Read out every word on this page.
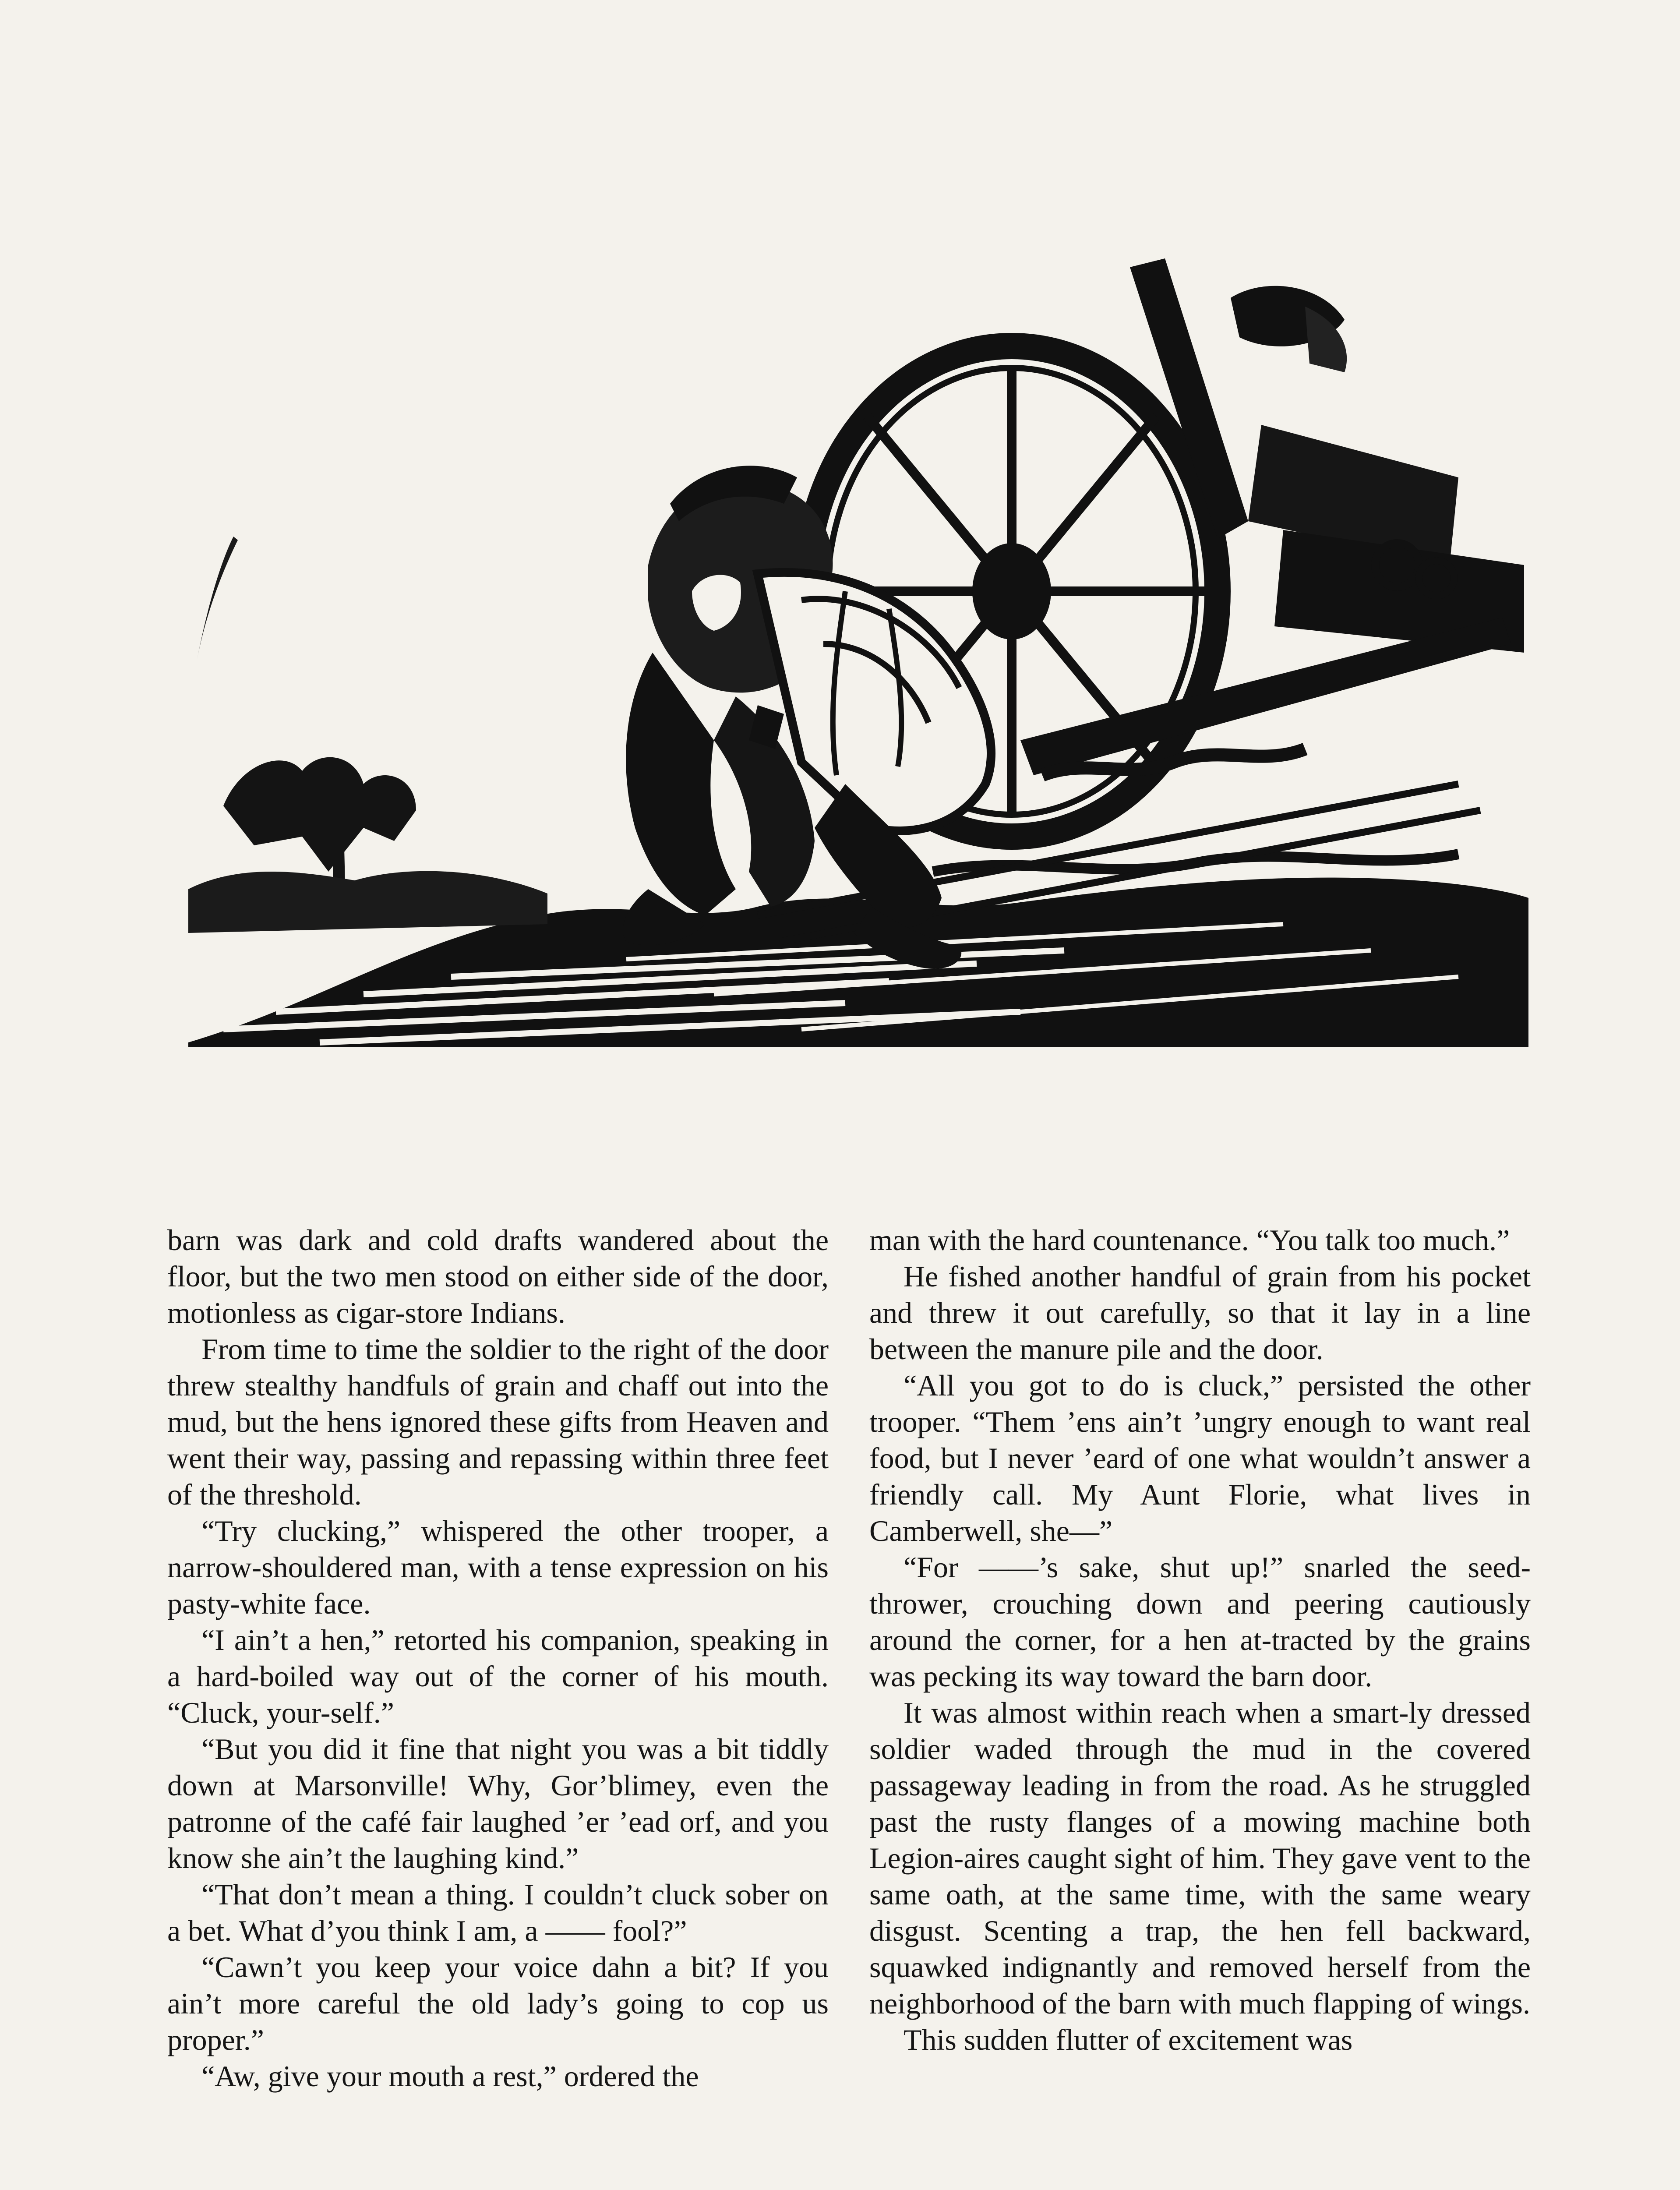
barn was dark and cold drafts wandered about the floor, but the two men stood on either side of the door, motionless as cigar-store Indians.

From time to time the soldier to the right of the door threw stealthy handfuls of grain and chaff out into the mud, but the hens ignored these gifts from Heaven and went their way, passing and repassing within three feet of the threshold.

“Try clucking,” whispered the other trooper, a narrow-shouldered man, with a tense expression on his pasty-white face.

“I ain’t a hen,” retorted his companion, speaking in a hard-boiled way out of the corner of his mouth. “Cluck, your-self.”

“But you did it fine that night you was a bit tiddly down at Marsonville! Why, Gor’blimey, even the patronne of the café fair laughed ’er ’ead orf, and you know she ain’t the laughing kind.”

“That don’t mean a thing. I couldn’t cluck sober on a bet. What d’you think I am, a —— fool?”

“Cawn’t you keep your voice dahn a bit? If you ain’t more careful the old lady’s going to cop us proper.”

“Aw, give your mouth a rest,” ordered the

man with the hard countenance. “You talk too much.”

He fished another handful of grain from his pocket and threw it out carefully, so that it lay in a line between the manure pile and the door.

“All you got to do is cluck,” persisted the other trooper. “Them ’ens ain’t ’ungry enough to want real food, but I never ’eard of one what wouldn’t answer a friendly call. My Aunt Florie, what lives in Camberwell, she—”

“For ——’s sake, shut up!” snarled the seed-thrower, crouching down and peering cautiously around the corner, for a hen at-tracted by the grains was pecking its way toward the barn door.

It was almost within reach when a smart-ly dressed soldier waded through the mud in the covered passageway leading in from the road. As he struggled past the rusty flanges of a mowing machine both Legion-aires caught sight of him. They gave vent to the same oath, at the same time, with the same weary disgust. Scenting a trap, the hen fell backward, squawked indignantly and removed herself from the neighborhood of the barn with much flapping of wings.

This sudden flutter of excitement was
